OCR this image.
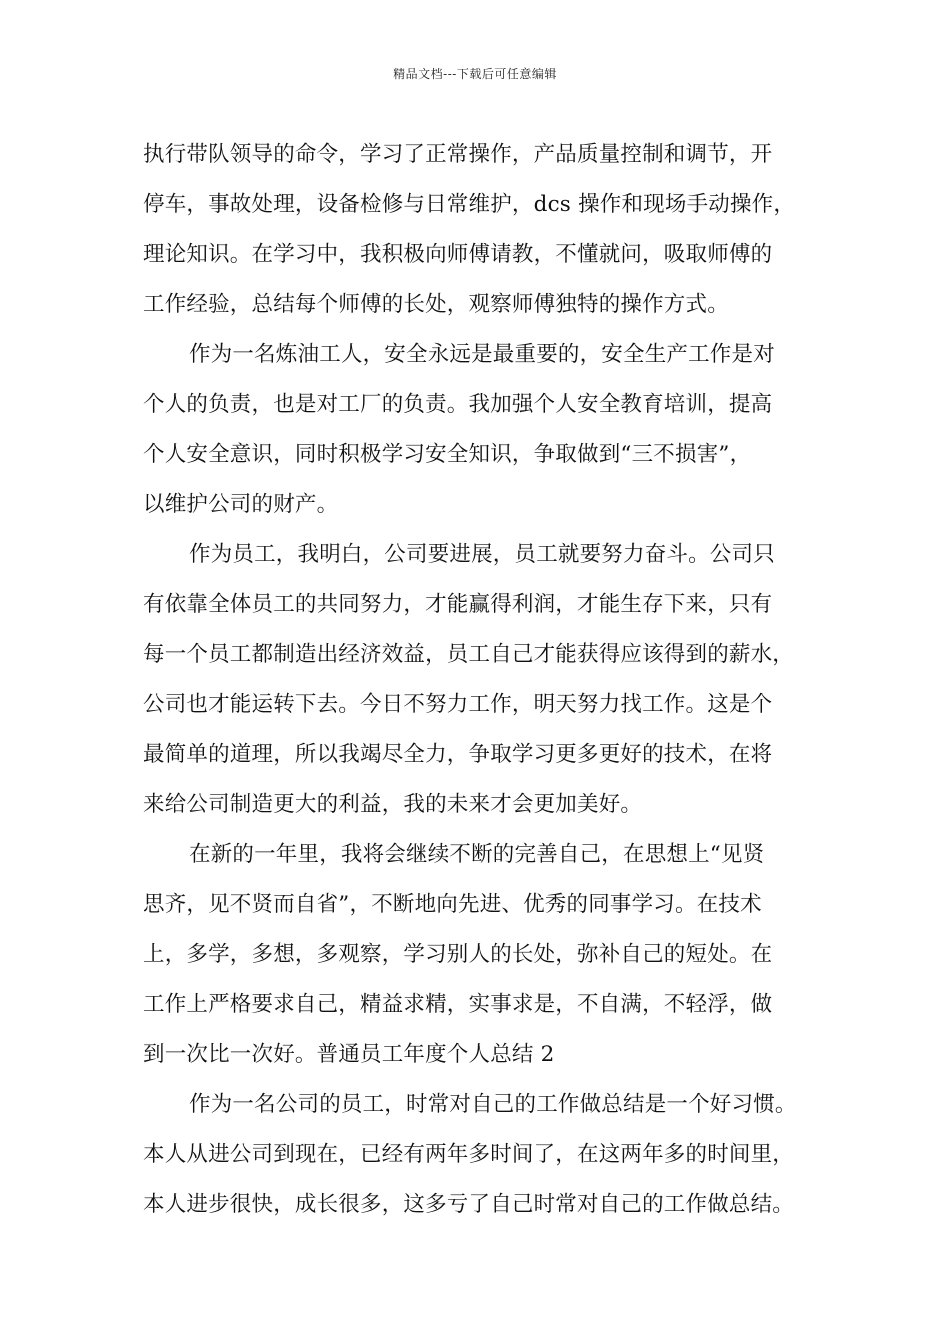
精品文档---下载后可任意编辑
执行带队领导的命令，学习了正常操作，产品质量控制和调节，开
停车，事故处理，设备检修与日常维护，dcs 操作和现场手动操作，
理论知识。在学习中，我积极向师傅请教，不懂就问，吸取师傅的
工作经验，总结每个师傅的长处，观察师傅独特的操作方式。
作为一名炼油工人，安全永远是最重要的，安全生产工作是对
个人的负责，也是对工厂的负责。我加强个人安全教育培训，提高
个人安全意识，同时积极学习安全知识，争取做到“三不损害”，
以维护公司的财产。
作为员工，我明白，公司要进展，员工就要努力奋斗。公司只
有依靠全体员工的共同努力，才能赢得利润，才能生存下来，只有
每一个员工都制造出经济效益，员工自己才能获得应该得到的薪水，
公司也才能运转下去。今日不努力工作，明天努力找工作。这是个
最简单的道理，所以我竭尽全力，争取学习更多更好的技术，在将
来给公司制造更大的利益，我的未来才会更加美好。
在新的一年里，我将会继续不断的完善自己，在思想上“见贤
思齐，见不贤而自省”，不断地向先进、优秀的同事学习。在技术
上，多学，多想，多观察，学习别人的长处，弥补自己的短处。在
工作上严格要求自己，精益求精，实事求是，不自满，不轻浮，做
到一次比一次好。普通员工年度个人总结 2
作为一名公司的员工，时常对自己的工作做总结是一个好习惯。
本人从进公司到现在，已经有两年多时间了，在这两年多的时间里，
本人进步很快，成长很多，这多亏了自己时常对自己的工作做总结。
